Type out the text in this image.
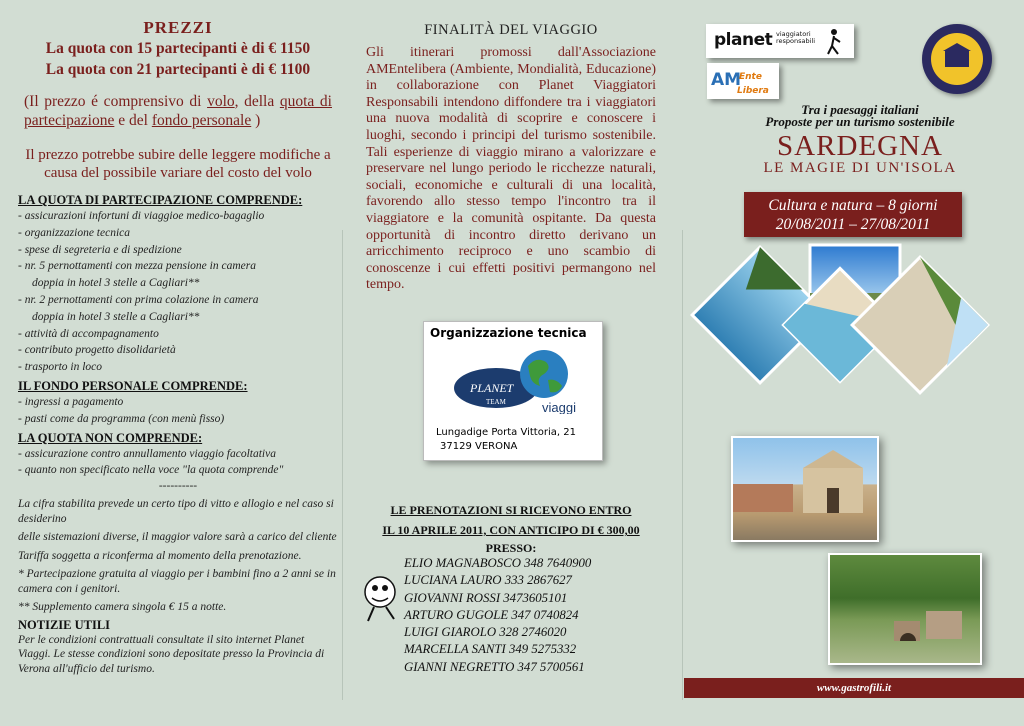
PREZZI
La quota con 15 partecipanti è di € 1150
La quota con 21 partecipanti è di € 1100
(Il prezzo é comprensivo di volo, della quota di partecipazione e del fondo personale )
Il prezzo potrebbe subire delle leggere modifiche a causa del possibile variare del costo del volo
LA QUOTA DI PARTECIPAZIONE COMPRENDE:
- assicurazioni infortuni di viaggioe medico-bagaglio
- organizzazione tecnica
- spese di segreteria e di spedizione
- nr. 5 pernottamenti con mezza pensione in camera
doppia in hotel 3 stelle a Cagliari**
- nr. 2 pernottamenti con prima colazione in camera
doppia in hotel 3 stelle a Cagliari**
- attività di accompagnamento
- contributo progetto disolidarietà
- trasporto in loco
IL FONDO PERSONALE COMPRENDE:
- ingressi a pagamento
- pasti come da programma (con menù fisso)
LA QUOTA NON COMPRENDE:
- assicurazione contro annullamento viaggio facoltativa
- quanto non specificato nella voce "la quota comprende"
----------
La cifra stabilita prevede un certo tipo di vitto e allogio e nel caso si desiderino
delle sistemazioni diverse, il maggior valore sarà a carico del cliente
Tariffa soggetta a riconferma al momento della prenotazione.
* Partecipazione gratuita al viaggio per i bambini fino a 2 anni se in camera con i genitori.
** Supplemento camera singola € 15 a notte.
NOTIZIE UTILI
Per le condizioni contrattuali consultate il sito internet Planet Viaggi. Le stesse condizioni sono depositate presso la Provincia di Verona all'ufficio del turismo.
FINALITÀ DEL VIAGGIO
Gli itinerari promossi dall'Associazione AMEntelibera (Ambiente, Mondialità, Educazione) in collaborazione con Planet Viaggiatori Responsabili intendono diffondere tra i viaggiatori una nuova modalità di scoprire e conoscere i luoghi, secondo i principi del turismo sostenibile. Tali esperienze di viaggio mirano a valorizzare e preservare nel lungo periodo le ricchezze naturali, sociali, economiche e culturali di una località, favorendo allo stesso tempo l'incontro tra il viaggiatore e la comunità ospitante. Da questa opportunità di incontro diretto derivano un arricchimento reciproco e uno scambio di conoscenze i cui effetti positivi permangono nel tempo.
Organizzazione tecnica
PLANET
TEAM	viaggi
Lungadige Porta Vittoria, 21
37129 VERONA
LE PRENOTAZIONI SI RICEVONO ENTRO
IL 10 APRILE 2011, CON ANTICIPO DI € 300,00
PRESSO:
ELIO MAGNABOSCO 348 7640900
LUCIANA LAURO 333 2867627
GIOVANNI ROSSI 3473605101
ARTURO GUGOLE 347 0740824
LUIGI GIAROLO 328 2746020
MARCELLA SANTI 349 5275332
GIANNI NEGRETTO 347 5700561
planet viaggiatori
responsabili
AM
Ente
Libera
Tra i paesaggi italiani
Proposte per un turismo sostenibile
SARDEGNA
LE MAGIE DI UN'ISOLA
Cultura e natura – 8 giorni
20/08/2011 – 27/08/2011
www.gastrofili.it
